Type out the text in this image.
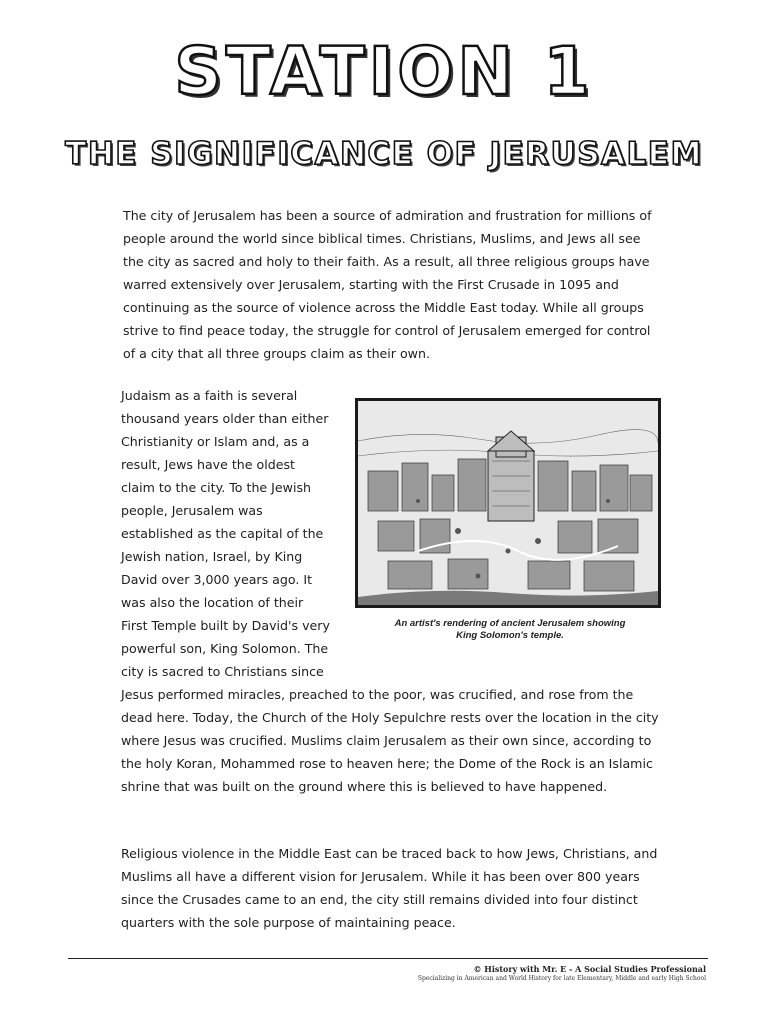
STATION 1
THE SIGNIFICANCE OF JERUSALEM

The city of Jerusalem has been a source of admiration and frustration for millions of people around the world since biblical times. Christians, Muslims, and Jews all see the city as sacred and holy to their faith. As a result, all three religious groups have warred extensively over Jerusalem, starting with the First Crusade in 1095 and continuing as the source of violence across the Middle East today. While all groups strive to find peace today, the struggle for control of Jerusalem emerged for control of a city that all three groups claim as their own.

Judaism as a faith is several thousand years older than either Christianity or Islam and, as a result, Jews have the oldest claim to the city. To the Jewish people, Jerusalem was established as the capital of the Jewish nation, Israel, by King David over 3,000 years ago. It was also the location of their First Temple built by David's very powerful son, King Solomon. The city is sacred to Christians since Jesus performed miracles, preached to the poor, was crucified, and rose from the dead here. Today, the Church of the Holy Sepulchre rests over the location in the city where Jesus was crucified. Muslims claim Jerusalem as their own since, according to the holy Koran, Mohammed rose to heaven here; the Dome of the Rock is an Islamic shrine that was built on the ground where this is believed to have happened.
An artist's rendering of ancient Jerusalem showing
King Solomon's temple.

Religious violence in the Middle East can be traced back to how Jews, Christians, and Muslims all have a different vision for Jerusalem. While it has been over 800 years since the Crusades came to an end, the city still remains divided into four distinct quarters with the sole purpose of maintaining peace.

© History with Mr. E - A Social Studies Professional
Specializing in American and World History for late Elementary, Middle and early High School
